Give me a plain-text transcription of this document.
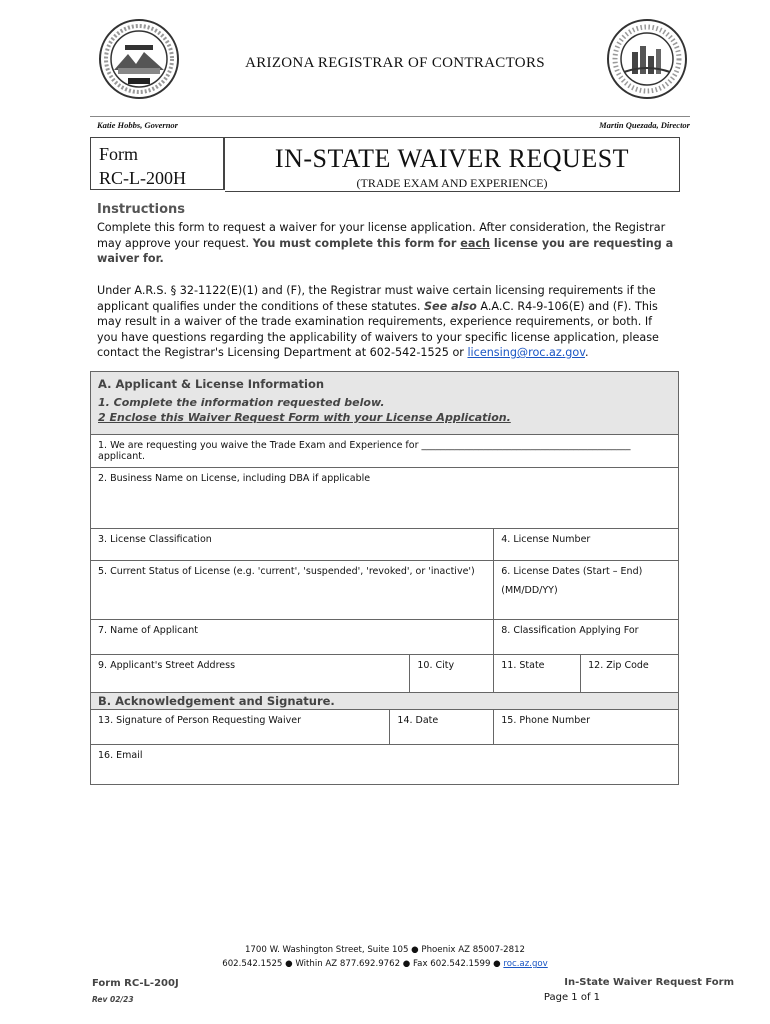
ARIZONA REGISTRAR OF CONTRACTORS
Katie Hobbs, Governor	Martin Quezada, Director
Form
RC-L-200H
IN-STATE WAIVER REQUEST
(TRADE EXAM AND EXPERIENCE)
Instructions
Complete this form to request a waiver for your license application. After consideration, the Registrar may approve your request. You must complete this form for each license you are requesting a waiver for.
Under A.R.S. § 32-1122(E)(1) and (F), the Registrar must waive certain licensing requirements if the applicant qualifies under the conditions of these statutes. See also A.A.C. R4-9-106(E) and (F). This may result in a waiver of the trade examination requirements, experience requirements, or both. If you have questions regarding the applicability of waivers to your specific license application, please contact the Registrar's Licensing Department at 602-542-1525 or licensing@roc.az.gov.
A. Applicant & License Information
1. Complete the information requested below.
2 Enclose this Waiver Request Form with your License Application.				

1. We are requesting you waive the Trade Exam and Experience for ____________________________________________ applicant.				
2. Business Name on License, including DBA if applicable				
3. License Classification			4. License Number	
5. Current Status of License (e.g. 'current', 'suspended', 'revoked', or 'inactive')			6. License Dates (Start – End)
(MM/DD/YY)	

7. Name of Applicant			8. Classification Applying For	
9. Applicant's Street Address		10. City	11. State	12. Zip Code
B. Acknowledgement and Signature.				
13. Signature of Person Requesting Waiver	14. Date		15. Phone Number	
16. Email				
1700 W. Washington Street, Suite 105 ● Phoenix AZ 85007-2812
602.542.1525 ● Within AZ 877.692.9762 ● Fax 602.542.1599 ● roc.az.gov
Form RC-L-200J
Rev 02/23
In-State Waiver Request Form
Page 1 of 1
